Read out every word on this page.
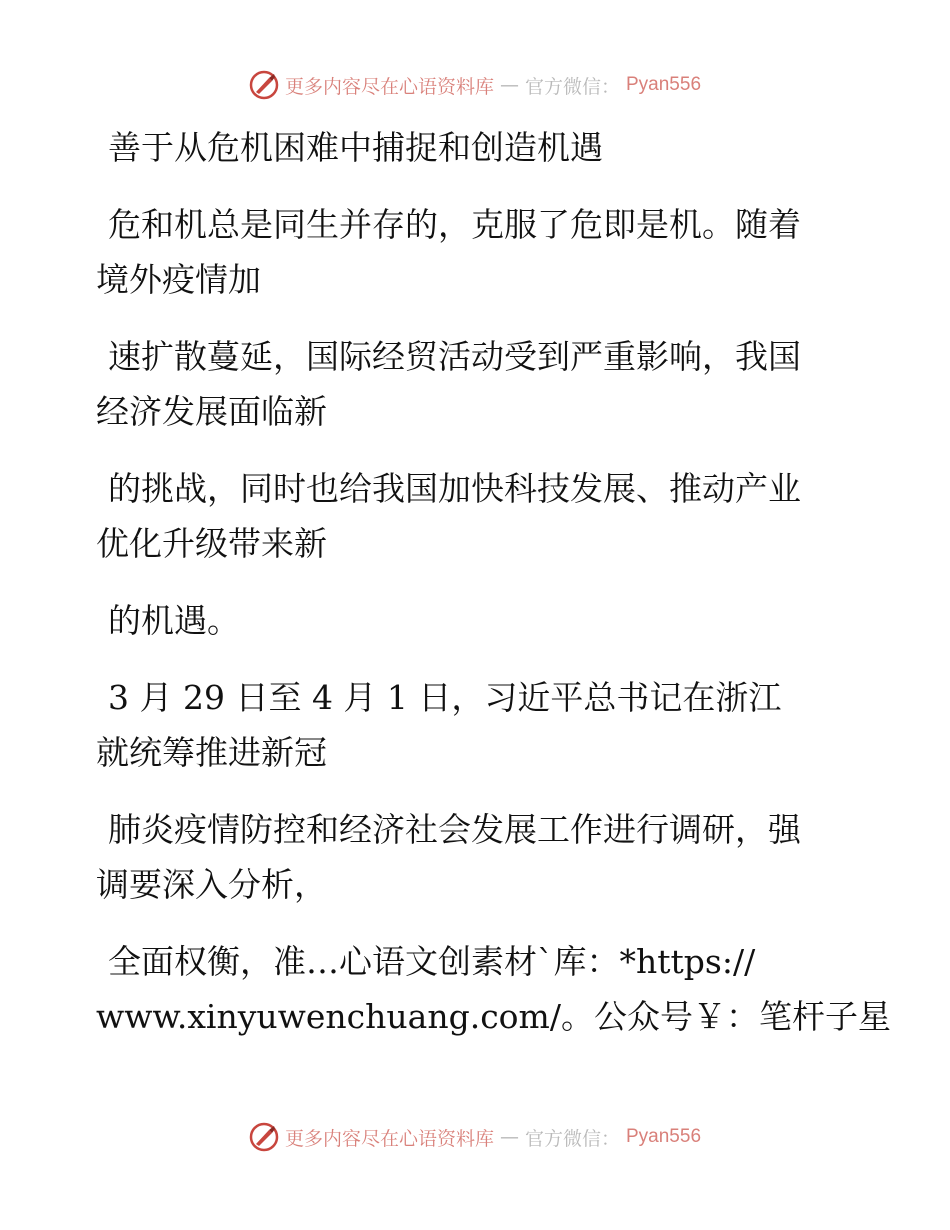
更多内容尽在心语资料库 — 官方微信： Pyan556

善于从危机困难中捕捉和创造机遇

危和机总是同生并存的，克服了危即是机。随着
境外疫情加

速扩散蔓延，国际经贸活动受到严重影响，我国
经济发展面临新

的挑战，同时也给我国加快科技发展、推动产业
优化升级带来新

的机遇。

3 月 29 日至 4 月 1 日，习近平总书记在浙江
就统筹推进新冠

肺炎疫情防控和经济社会发展工作进行调研，强
调要深入分析，

全面权衡，准…心语文创素材`库：*https://
www.xinyuwenchuang.com/。公众号￥：笔杆子星

更多内容尽在心语资料库 — 官方微信： Pyan556
